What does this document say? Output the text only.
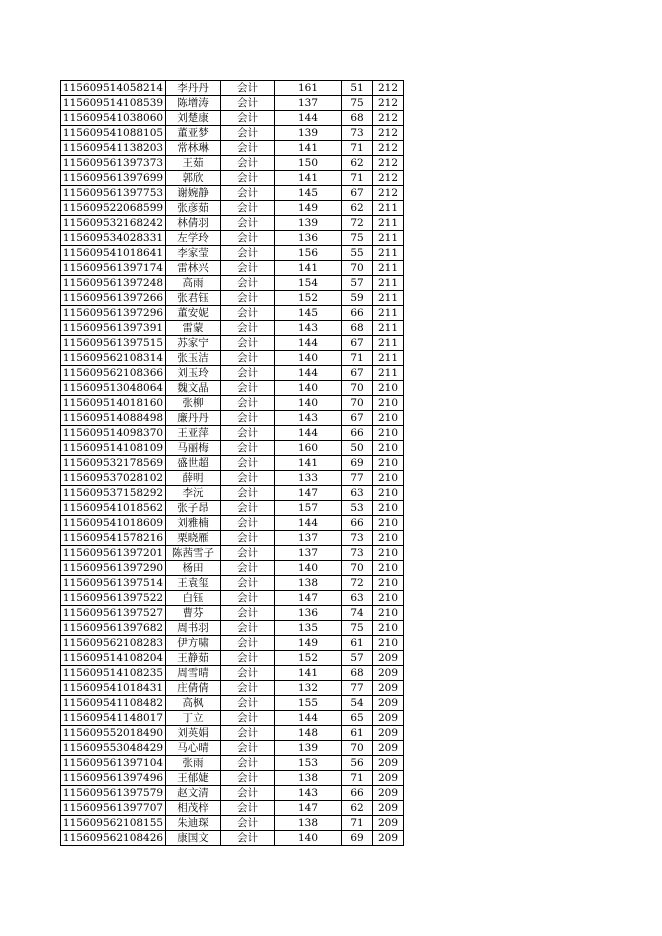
115609514058214	李丹丹	会计	161	51	212
115609514108539	陈增涛	会计	137	75	212
115609541038060	刘楚康	会计	144	68	212
115609541088105	董亚梦	会计	139	73	212
115609541138203	常林琳	会计	141	71	212
115609561397373	王茹	会计	150	62	212
115609561397699	郭欣	会计	141	71	212
115609561397753	谢婉静	会计	145	67	212
115609522068599	张彦茹	会计	149	62	211
115609532168242	林倩羽	会计	139	72	211
115609534028331	左学玲	会计	136	75	211
115609541018641	李家莹	会计	156	55	211
115609561397174	雷林兴	会计	141	70	211
115609561397248	高雨	会计	154	57	211
115609561397266	张君钰	会计	152	59	211
115609561397296	董安妮	会计	145	66	211
115609561397391	雷蒙	会计	143	68	211
115609561397515	苏家宁	会计	144	67	211
115609562108314	张玉洁	会计	140	71	211
115609562108366	刘玉玲	会计	144	67	211
115609513048064	魏文晶	会计	140	70	210
115609514018160	张柳	会计	140	70	210
115609514088498	廉丹丹	会计	143	67	210
115609514098370	王亚萍	会计	144	66	210
115609514108109	马丽梅	会计	160	50	210
115609532178569	盛世超	会计	141	69	210
115609537028102	薛明	会计	133	77	210
115609537158292	李沅	会计	147	63	210
115609541018562	张子昂	会计	157	53	210
115609541018609	刘雅楠	会计	144	66	210
115609541578216	栗晓雁	会计	137	73	210
115609561397201	陈茜雪子	会计	137	73	210
115609561397290	杨田	会计	140	70	210
115609561397514	王袁玺	会计	138	72	210
115609561397522	白钰	会计	147	63	210
115609561397527	曹芬	会计	136	74	210
115609561397682	周书羽	会计	135	75	210
115609562108283	伊方啸	会计	149	61	210
115609514108204	王静茹	会计	152	57	209
115609514108235	周雪晴	会计	141	68	209
115609541018431	庄倩倩	会计	132	77	209
115609541108482	高枫	会计	155	54	209
115609541148017	丁立	会计	144	65	209
115609552018490	刘英娟	会计	148	61	209
115609553048429	马心晴	会计	139	70	209
115609561397104	张雨	会计	153	56	209
115609561397496	王郁婕	会计	138	71	209
115609561397579	赵文清	会计	143	66	209
115609561397707	相茂梓	会计	147	62	209
115609562108155	朱迪琛	会计	138	71	209
115609562108426	康国文	会计	140	69	209
